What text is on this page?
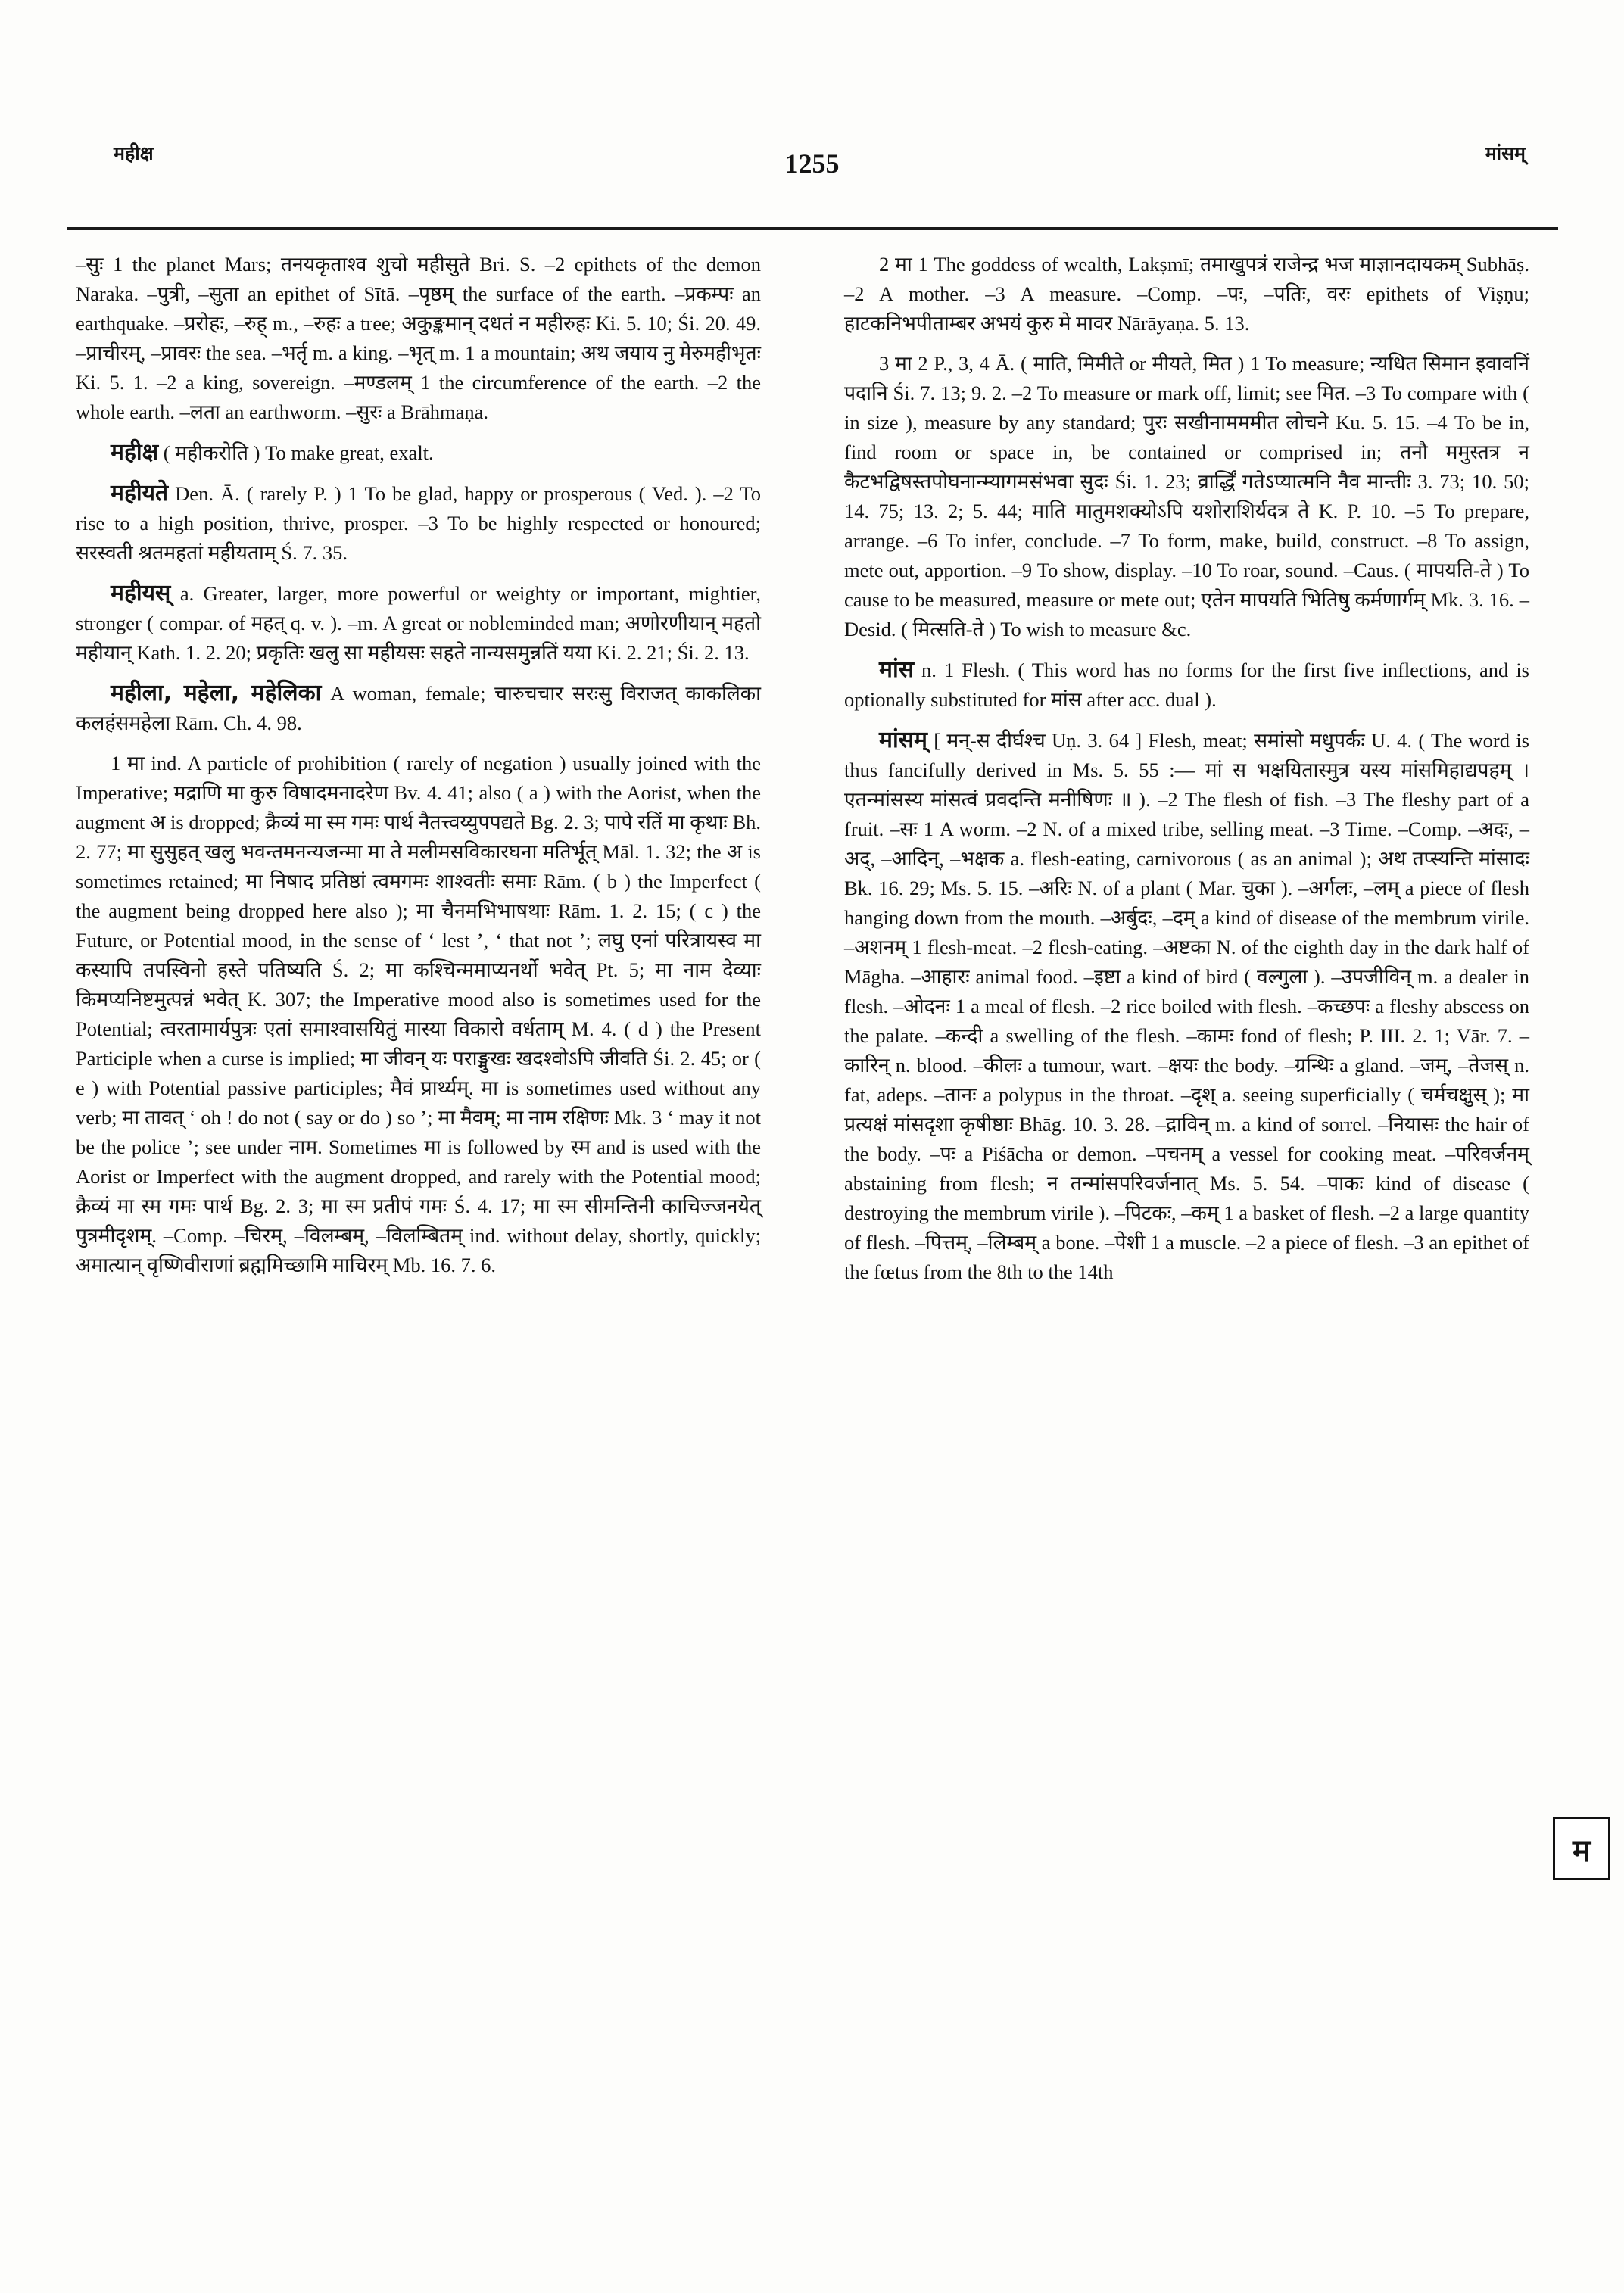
महीक्ष	1255	मांसम्

–सुः 1 the planet Mars; तनयकृताश्व शुचो महीसुते Bri. S. –2 epithets of the demon Naraka. –पुत्री, –सुता an epithet of Sītā. –पृष्ठम् the surface of the earth. –प्रकम्पः an earthquake. –प्ररोहः, –रुह् m., –रुहः a tree; अकुङ्कमान् दधतं न महीरुहः Ki. 5. 10; Śi. 20. 49. –प्राचीरम्, –प्रावरः the sea. –भर्तृ m. a king. –भृत् m. 1 a mountain; अथ जयाय नु मेरुमहीभृतः Ki. 5. 1. –2 a king, sovereign. –मण्डलम् 1 the circumference of the earth. –2 the whole earth. –लता an earthworm. –सुरः a Brāhmaṇa.

महीक्ष ( महीकरोति ) To make great, exalt.

महीयते Den. Ā. ( rarely P. ) 1 To be glad, happy or prosperous ( Ved. ). –2 To rise to a high position, thrive, prosper. –3 To be highly respected or honoured; सरस्वती श्रतमहतां महीयताम् Ś. 7. 35.

महीयस् a. Greater, larger, more powerful or weighty or important, mightier, stronger ( compar. of महत् q. v. ). –m. A great or nobleminded man; अणोरणीयान् महतो महीयान् Kath. 1. 2. 20; प्रकृतिः खलु सा महीयसः सहते नान्यसमुन्नतिं यया Ki. 2. 21; Śi. 2. 13.

महीला, महेला, महेलिका A woman, female; चारुचचार सरःसु विराजत् काकलिका कलहंसमहेला Rām. Ch. 4. 98.

1 मा ind. A particle of prohibition ( rarely of negation ) usually joined with the Imperative; मद्राणि मा कुरु विषादमनादरेण Bv. 4. 41; also ( a ) with the Aorist, when the augment अ is dropped; क्रैव्यं मा स्म गमः पार्थ नैतत्त्वय्युपपद्यते Bg. 2. 3; पापे रतिं मा कृथाः Bh. 2. 77; मा सुसुहत् खलु भवन्तमनन्यजन्मा मा ते मलीमसविकारघना मतिर्भूत् Māl. 1. 32; the अ is sometimes retained; मा निषाद प्रतिष्ठां त्वमगमः शाश्वतीः समाः Rām. ( b ) the Imperfect ( the augment being dropped here also ); मा चैनमभिभाषथाः Rām. 1. 2. 15; ( c ) the Future, or Potential mood, in the sense of ‘ lest ’, ‘ that not ’; लघु एनां परित्रायस्व मा कस्यापि तपस्विनो हस्ते पतिष्यति Ś. 2; मा कश्चिन्ममाप्यनर्थो भवेत् Pt. 5; मा नाम देव्याः किमप्यनिष्टमुत्पन्नं भवेत् K. 307; the Imperative mood also is sometimes used for the Potential; त्वरतामार्यपुत्रः एतां समाश्वासयितुं मास्या विकारो वर्धताम् M. 4. ( d ) the Present Participle when a curse is implied; मा जीवन् यः पराङ्मुखः खदश्वोऽपि जीवति Śi. 2. 45; or ( e ) with Potential passive participles; मैवं प्रार्थ्यम्. मा is sometimes used without any verb; मा तावत् ‘ oh ! do not ( say or do ) so ’; मा मैवम्; मा नाम रक्षिणः Mk. 3 ‘ may it not be the police ’; see under नाम. Sometimes मा is followed by स्म and is used with the Aorist or Imperfect with the augment dropped, and rarely with the Potential mood; क्रैव्यं मा स्म गमः पार्थ Bg. 2. 3; मा स्म प्रतीपं गमः Ś. 4. 17; मा स्म सीमन्तिनी काचिज्जनयेत् पुत्रमीदृशम्. –Comp. –चिरम्, –विलम्बम्, –विलम्बितम् ind. without delay, shortly, quickly; अमात्यान् वृष्णिवीराणां ब्रह्ममिच्छामि माचिरम् Mb. 16. 7. 6.

2 मा 1 The goddess of wealth, Lakṣmī; तमाखुपत्रं राजेन्द्र भज माज्ञानदायकम् Subhāṣ. –2 A mother. –3 A measure. –Comp. –पः, –पतिः, वरः epithets of Viṣṇu; हाटकनिभपीताम्बर अभयं कुरु मे मावर Nārāyaṇa. 5. 13.

3 मा 2 P., 3, 4 Ā. ( माति, मिमीते or मीयते, मित ) 1 To measure; न्यधित सिमान इवावनिं पदानि Śi. 7. 13; 9. 2. –2 To measure or mark off, limit; see मित. –3 To compare with ( in size ), measure by any standard; पुरः सखीनामममीत लोचने Ku. 5. 15. –4 To be in, find room or space in, be contained or comprised in; तनौ ममुस्तत्र न कैटभद्विषस्तपोघनान्म्यागमसंभवा सुदः Śi. 1. 23; व्रार्द्धिं गतेऽप्यात्मनि नैव मान्तीः 3. 73; 10. 50; 14. 75; 13. 2; 5. 44; माति मातुमशक्योऽपि यशोराशिर्यदत्र ते K. P. 10. –5 To prepare, arrange. –6 To infer, conclude. –7 To form, make, build, construct. –8 To assign, mete out, apportion. –9 To show, display. –10 To roar, sound. –Caus. ( मापयति-ते ) To cause to be measured, measure or mete out; एतेन मापयति भितिषु कर्मणार्गम् Mk. 3. 16. –Desid. ( मित्सति-ते ) To wish to measure &c.

मांस n. 1 Flesh. ( This word has no forms for the first five inflections, and is optionally substituted for मांस after acc. dual ).

मांसम् [ मन्-स दीर्घश्च Uṇ. 3. 64 ] Flesh, meat; समांसो मधुपर्कः U. 4. ( The word is thus fancifully derived in Ms. 5. 55 :— मां स भक्षयितास्मुत्र यस्य मांसमिहाद्यपहम् । एतन्मांसस्य मांसत्वं प्रवदन्ति मनीषिणः ॥ ). –2 The flesh of fish. –3 The fleshy part of a fruit. –सः 1 A worm. –2 N. of a mixed tribe, selling meat. –3 Time. –Comp. –अदः, –अद्, –आदिन्, –भक्षक a. flesh-eating, carnivorous ( as an animal ); अथ तप्स्यन्ति मांसादः Bk. 16. 29; Ms. 5. 15. –अरिः N. of a plant ( Mar. चुका ). –अर्गलः, –लम् a piece of flesh hanging down from the mouth. –अर्बुदः, –दम् a kind of disease of the membrum virile. –अशनम् 1 flesh-meat. –2 flesh-eating. –अष्टका N. of the eighth day in the dark half of Māgha. –आहारः animal food. –इष्टा a kind of bird ( वल्गुला ). –उपजीविन् m. a dealer in flesh. –ओदनः 1 a meal of flesh. –2 rice boiled with flesh. –कच्छपः a fleshy abscess on the palate. –कन्दी a swelling of the flesh. –कामः fond of flesh; P. III. 2. 1; Vār. 7. –कारिन् n. blood. –कीलः a tumour, wart. –क्षयः the body. –ग्रन्थिः a gland. –जम्, –तेजस् n. fat, adeps. –तानः a polypus in the throat. –दृश् a. seeing superficially ( चर्मचक्षुस् ); मा प्रत्यक्षं मांसदृशा कृषीष्ठाः Bhāg. 10. 3. 28. –द्राविन् m. a kind of sorrel. –नियासः the hair of the body. –पः a Piśācha or demon. –पचनम् a vessel for cooking meat. –परिवर्जनम् abstaining from flesh; न तन्मांसपरिवर्जनात् Ms. 5. 54. –पाकः kind of disease ( destroying the membrum virile ). –पिटकः, –कम् 1 a basket of flesh. –2 a large quantity of flesh. –पित्तम्, –लिम्बम् a bone. –पेशी 1 a muscle. –2 a piece of flesh. –3 an epithet of the fœtus from the 8th to the 14th

म
